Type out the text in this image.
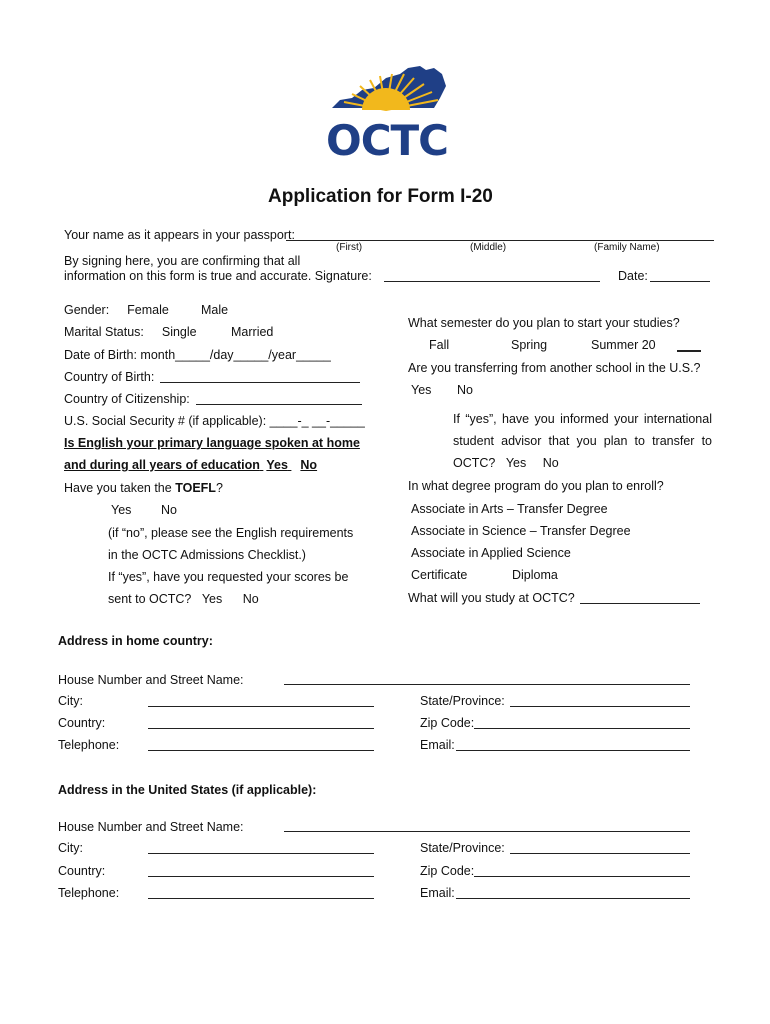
OCTC
Application for Form I-20
Your name as it appears in your passport:
(First)	(Middle)	(Family Name)
By signing here, you are confirming that all
information on this form is true and accurate. Signature:	Date:
Gender: Female	Male
Marital Status: Single	Married
Date of Birth: month_____/day_____/year_____
Country of Birth:
Country of Citizenship:
U.S. Social Security # (if applicable): ____-_ __-_____
Is English your primary language spoken at home
and during all years of education Yes No
Have you taken the TOEFL?
Yes No
(if “no”, please see the English requirements
in the OCTC Admissions Checklist.)
If “yes”, have you requested your scores be
sent to OCTC? Yes No
What semester do you plan to start your studies?
Fall	Spring	Summer 20
Are you transferring from another school in the U.S.?
Yes No
If “yes”, have you informed your international
student advisor that you plan to transfer to
OCTC? Yes No
In what degree program do you plan to enroll?
Associate in Arts – Transfer Degree
Associate in Science – Transfer Degree
Associate in Applied Science
Certificate	Diploma
What will you study at OCTC?
Address in home country:
House Number and Street Name:
City:	State/Province:
Country:	Zip Code:
Telephone:	Email:
Address in the United States (if applicable):
House Number and Street Name:
City:	State/Province:
Country:	Zip Code:
Telephone:	Email:
